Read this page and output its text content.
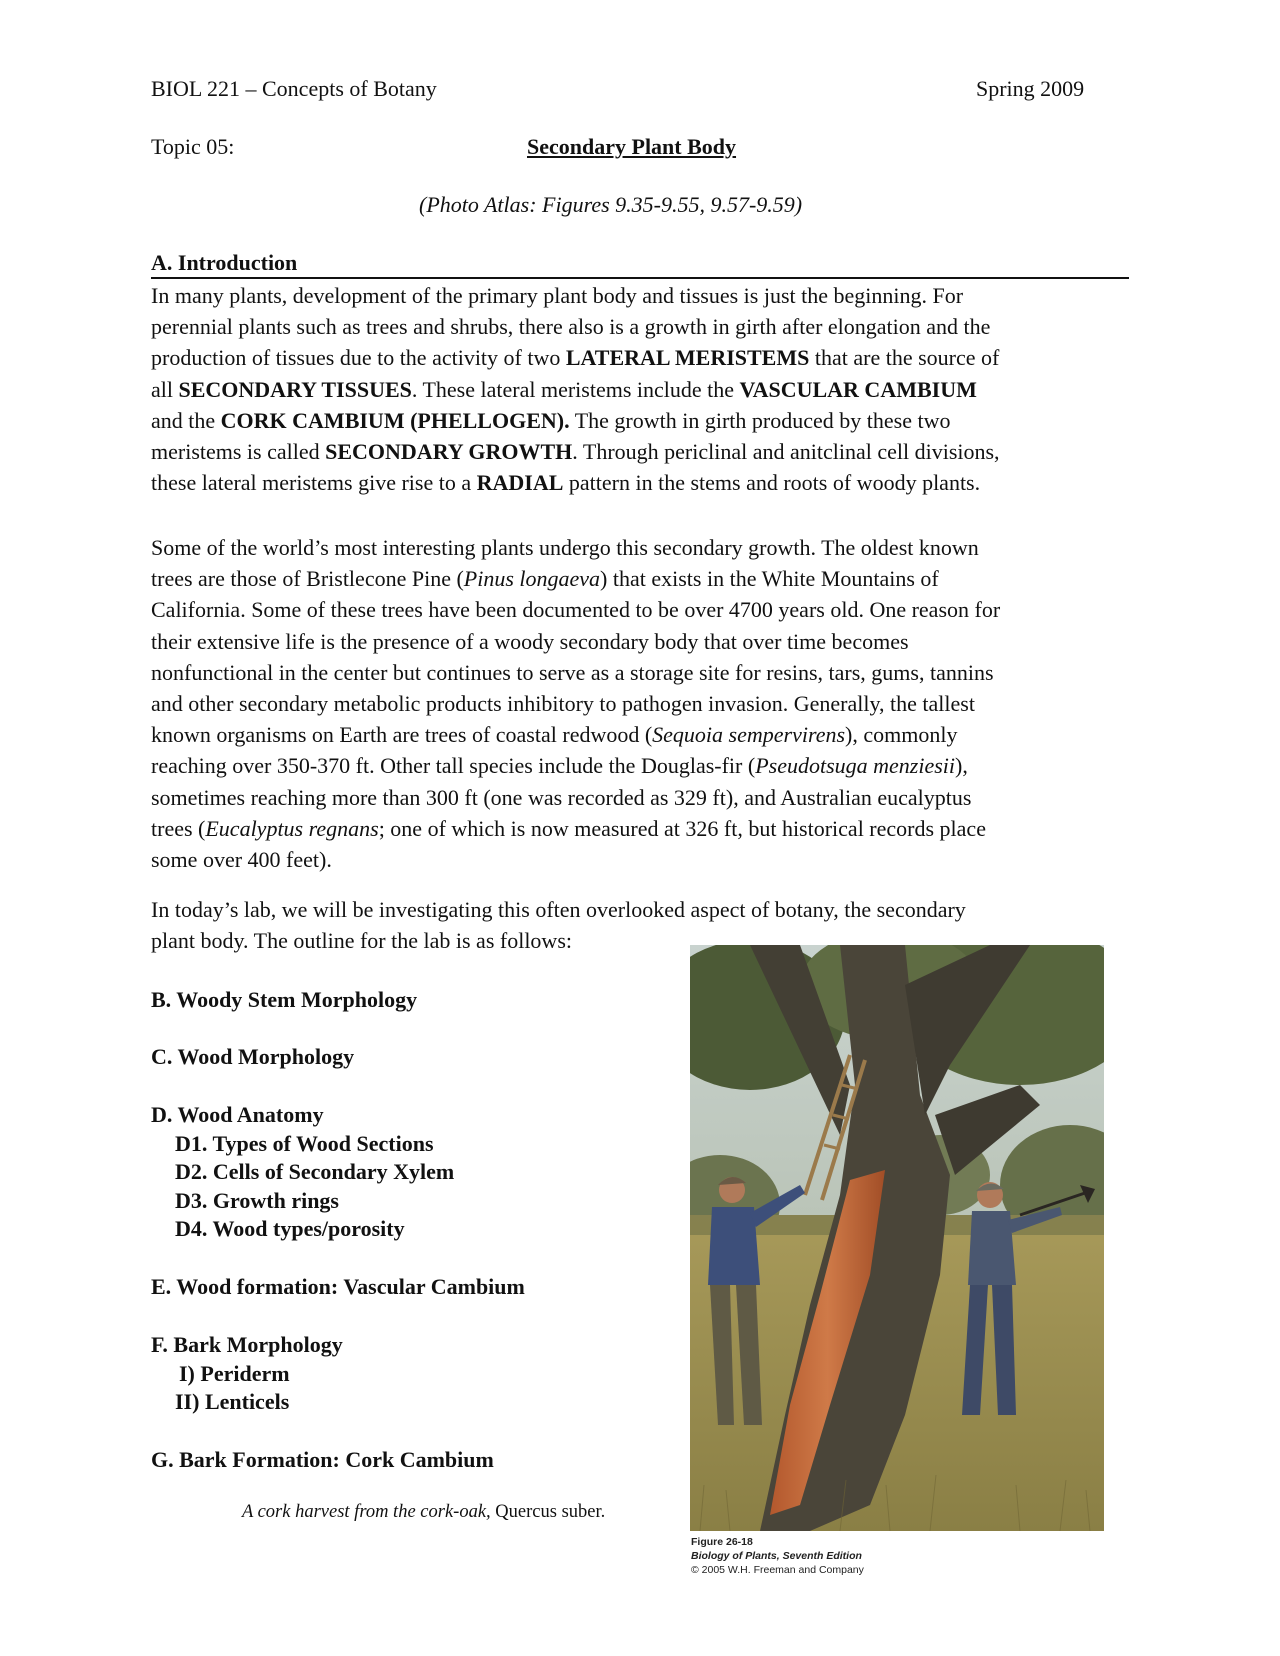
BIOL 221 – Concepts of Botany	Spring 2009
Topic 05:	Secondary Plant Body
(Photo Atlas: Figures 9.35-9.55, 9.57-9.59)
A. Introduction
In many plants, development of the primary plant body and tissues is just the beginning. For
perennial plants such as trees and shrubs, there also is a growth in girth after elongation and the
production of tissues due to the activity of two LATERAL MERISTEMS that are the source of
all SECONDARY TISSUES. These lateral meristems include the VASCULAR CAMBIUM
and the CORK CAMBIUM (PHELLOGEN). The growth in girth produced by these two
meristems is called SECONDARY GROWTH. Through periclinal and anitclinal cell divisions,
these lateral meristems give rise to a RADIAL pattern in the stems and roots of woody plants.
Some of the world’s most interesting plants undergo this secondary growth. The oldest known
trees are those of Bristlecone Pine (Pinus longaeva) that exists in the White Mountains of
California. Some of these trees have been documented to be over 4700 years old. One reason for
their extensive life is the presence of a woody secondary body that over time becomes
nonfunctional in the center but continues to serve as a storage site for resins, tars, gums, tannins
and other secondary metabolic products inhibitory to pathogen invasion. Generally, the tallest
known organisms on Earth are trees of coastal redwood (Sequoia sempervirens), commonly
reaching over 350-370 ft. Other tall species include the Douglas-fir (Pseudotsuga menziesii),
sometimes reaching more than 300 ft (one was recorded as 329 ft), and Australian eucalyptus
trees (Eucalyptus regnans; one of which is now measured at 326 ft, but historical records place
some over 400 feet).
In today’s lab, we will be investigating this often overlooked aspect of botany, the secondary
plant body. The outline for the lab is as follows:
B. Woody Stem Morphology
C. Wood Morphology
D. Wood Anatomy
D1. Types of Wood Sections
D2. Cells of Secondary Xylem
D3. Growth rings
D4. Wood types/porosity
E. Wood formation: Vascular Cambium
F. Bark Morphology
I) Periderm
II) Lenticels
G. Bark Formation: Cork Cambium
A cork harvest from the cork-oak, Quercus suber.
Figure 26-18
Biology of Plants, Seventh Edition
© 2005 W.H. Freeman and Company
